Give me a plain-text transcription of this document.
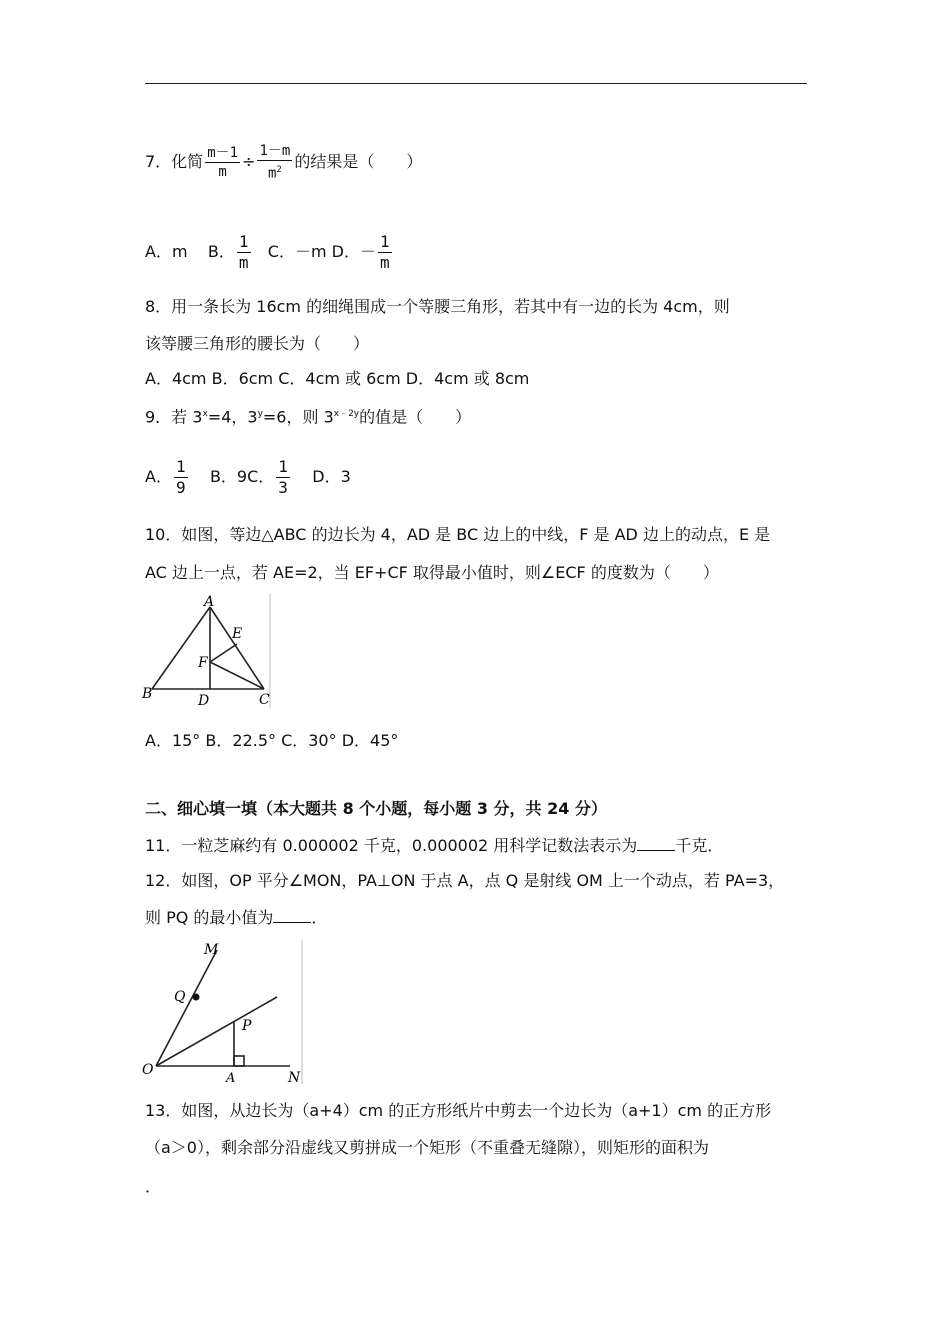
7．化简 $\frac{m-1}{m} \div \frac{1-m}{m^2}$ 的结果是（　　）
A．m B． $\frac{1}{m}$ C．－m D．－ $\frac{1}{m}$
8．用一条长为 16cm 的细绳围成一个等腰三角形，若其中有一边的长为 4cm，则
该等腰三角形的腰长为（　　）
A．4cm B．6cm C．4cm 或 6cm D．4cm 或 8cm
9．若 $3^x=4$，$3^y=6$，则 $3^{x﹣2y}$的值是（　　）
A． $\frac{1}{9}$ B．9C． $\frac{1}{3}$ D．3
10．如图，等边△ABC 的边长为 4，AD 是 BC 边上的中线，F 是 AD 边上的动点，E 是
AC 边上一点，若 AE=2，当 EF+CF 取得最小值时，则∠ECF 的度数为（　　）
A
B	C
D
E
F
A．15° B．22.5° C．30° D．45°
二、细心填一填（本大题共 8 个小题，每小题 3 分，共 24 分）
11．一粒芝麻约有 0.000002 千克，0.000002 用科学记数法表示为 千克．
12．如图，OP 平分∠MON，PA⊥ON 于点 A，点 Q 是射线 OM 上一个动点，若 PA=3，
则 PQ 的最小值为 ．
M
Q
P
O
A	N
13．如图，从边长为（a+4）cm 的正方形纸片中剪去一个边长为（a+1）cm 的正方形
（a＞0），剩余部分沿虚线又剪拼成一个矩形（不重叠无缝隙），则矩形的面积为
．
